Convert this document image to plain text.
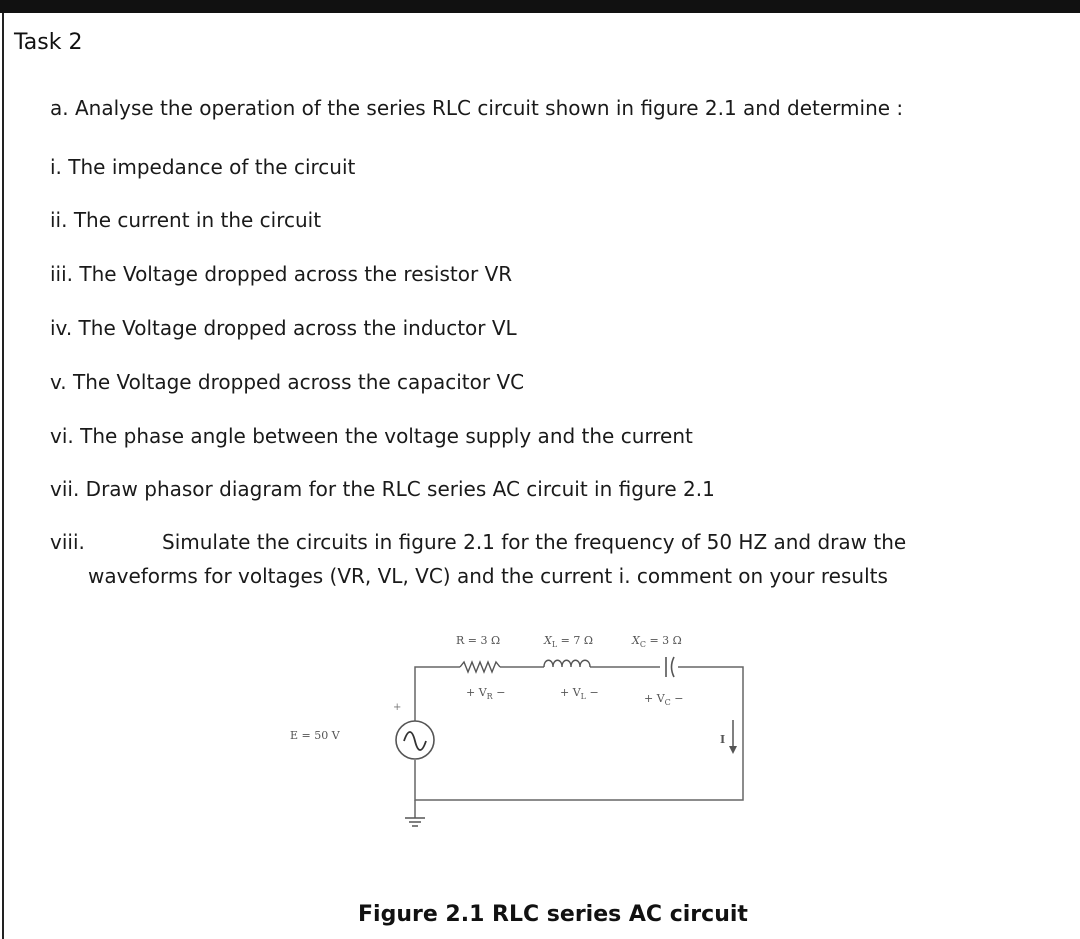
Task 2
a. Analyse the operation of the series RLC circuit shown in figure 2.1 and determine :
i. The impedance of the circuit
ii. The current in the circuit
iii. The Voltage dropped across the resistor VR
iv. The Voltage dropped across the inductor VL
v. The Voltage dropped across the capacitor VC
vi. The phase angle between the voltage supply and the current
vii. Draw phasor diagram for the RLC series AC circuit in figure 2.1
viii.	Simulate the circuits in figure 2.1 for the frequency of 50 HZ and draw the
waveforms for voltages (VR, VL, VC) and the current i. comment on your results
R = 3 Ω	$X_L = 7$ Ω	$X_C = 3$ Ω
+ $V_R$ −	+ $V_L$ −	+ $V_C$ −
+
E = 50 V	I
Figure 2.1 RLC series AC circuit
